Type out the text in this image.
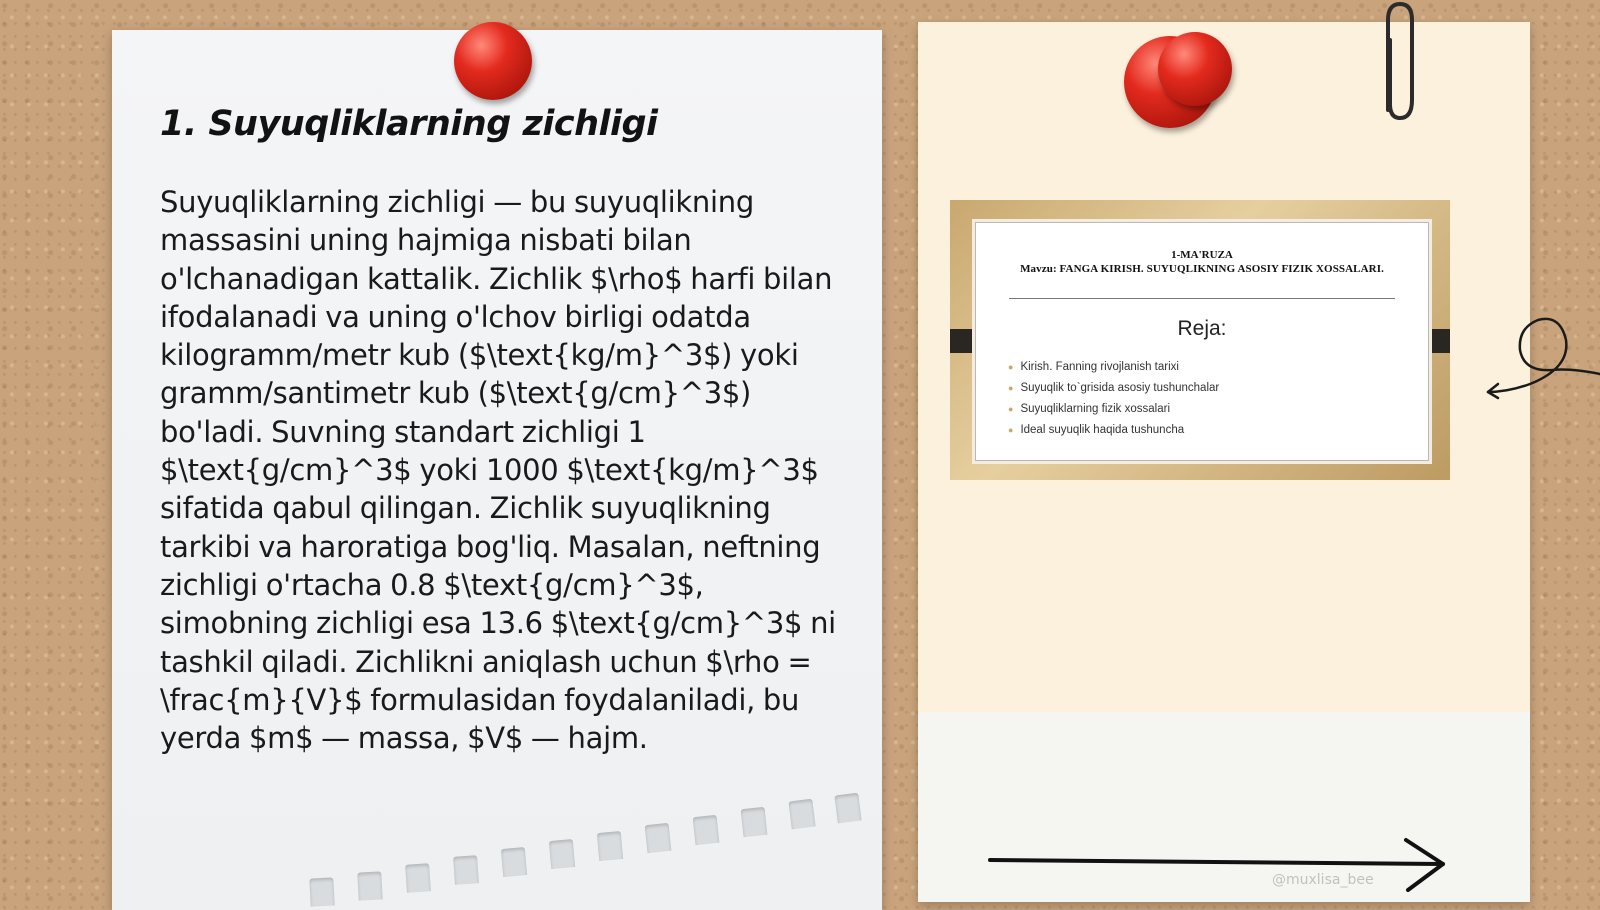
1. Suyuqliklarning zichligi

Suyuqliklarning zichligi — bu suyuqlikning massasini uning hajmiga nisbati bilan o'lchanadigan kattalik. Zichlik $\rho$ harfi bilan ifodalanadi va uning o'lchov birligi odatda kilogramm/metr kub ($\text{kg/m}^3$) yoki gramm/santimetr kub ($\text{g/cm}^3$) bo'ladi. Suvning standart zichligi 1 $\text{g/cm}^3$ yoki 1000 $\text{kg/m}^3$ sifatida qabul qilingan. Zichlik suyuqlikning tarkibi va haroratiga bog'liq. Masalan, neftning zichligi o'rtacha 0.8 $\text{g/cm}^3$, simobning zichligi esa 13.6 $\text{g/cm}^3$ ni tashkil qiladi. Zichlikni aniqlash uchun $\rho = \frac{m}{V}$ formulasidan foydalaniladi, bu yerda $m$ — massa, $V$ — hajm.

1-MA'RUZA
Mavzu: FANGA KIRISH. SUYUQLIKNING ASOSIY FIZIK XOSSALARI.
Reja:
● Kirish. Fanning rivojlanish tarixi
● Suyuqlik to`grisida asosiy tushunchalar
● Suyuqliklarning fizik xossalari
● Ideal suyuqlik haqida tushuncha
@muxlisa_bee
